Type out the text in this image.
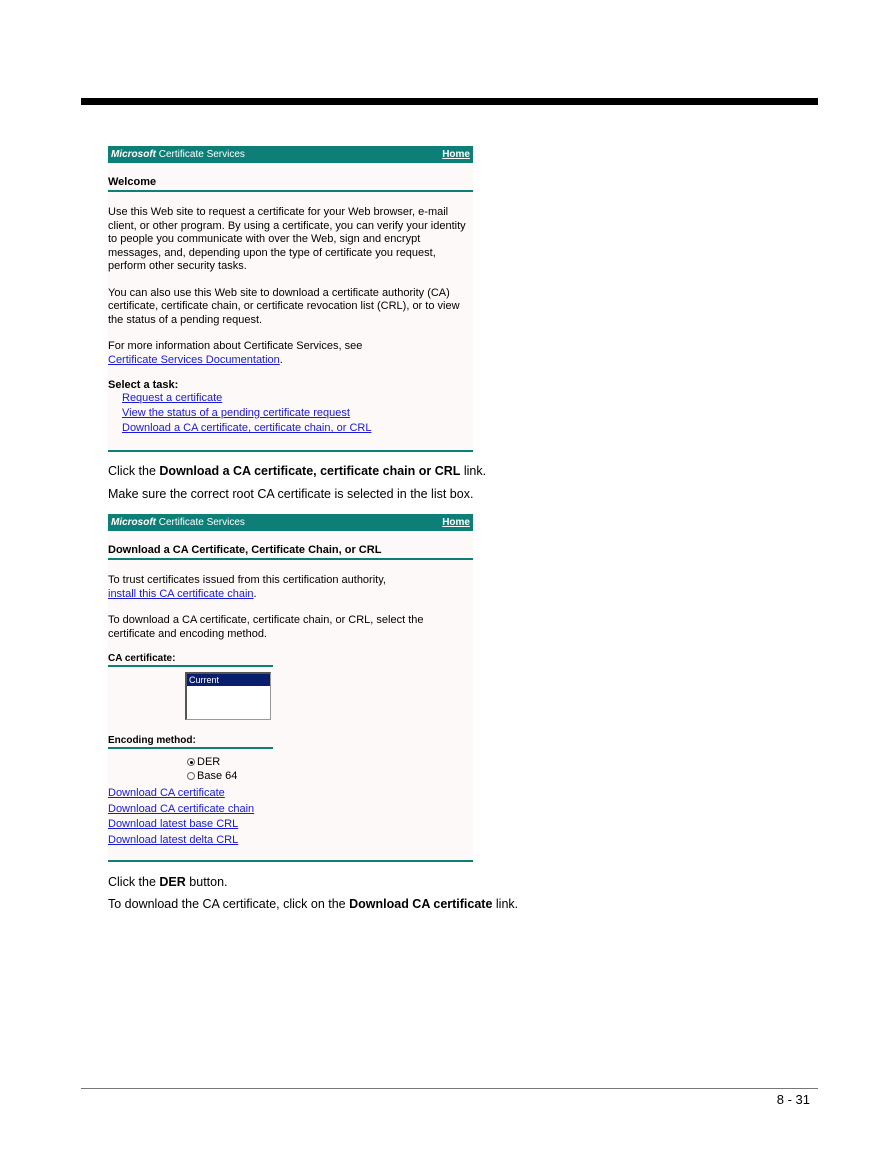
Microsoft Certificate Services	Home
Welcome

Use this Web site to request a certificate for your Web browser, e-mail client, or other program. By using a certificate, you can verify your identity to people you communicate with over the Web, sign and encrypt messages, and, depending upon the type of certificate you request, perform other security tasks.

You can also use this Web site to download a certificate authority (CA) certificate, certificate chain, or certificate revocation list (CRL), or to view the status of a pending request.

For more information about Certificate Services, see
Certificate Services Documentation.

Select a task:

Request a certificate
View the status of a pending certificate request
Download a CA certificate, certificate chain, or CRL
Click the Download a CA certificate, certificate chain or CRL link.
Make sure the correct root CA certificate is selected in the list box.
Microsoft Certificate Services	Home
Download a CA Certificate, Certificate Chain, or CRL

To trust certificates issued from this certification authority,
install this CA certificate chain.

To download a CA certificate, certificate chain, or CRL, select the certificate and encoding method.

CA certificate:
Current
Encoding method:
DER
Base 64
Download CA certificate
Download CA certificate chain
Download latest base CRL
Download latest delta CRL
Click the DER button.
To download the CA certificate, click on the Download CA certificate link.
8 - 31
